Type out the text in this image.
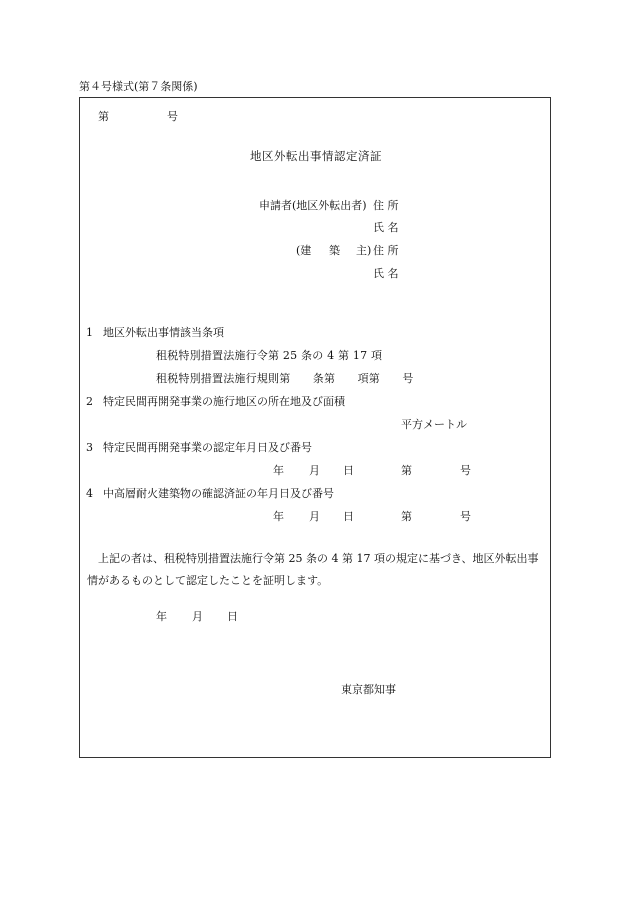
第４号様式(第７条関係)
第	号
地区外転出事情認定済証
申請者(地区外転出者) 住 所
氏 名
(建 築 主) 住 所
氏 名
1 地区外転出事情該当条項
租税特別措置法施行令第 25 条の 4 第 17 項
租税特別措置法施行規則第　　条第　　項第　　号
2 特定民間再開発事業の施行地区の所在地及び面積
平方メートル
3 特定民間再開発事業の認定年月日及び番号
年 月 日	第	号
4 中高層耐火建築物の確認済証の年月日及び番号
年 月 日	第	号
上記の者は、租税特別措置法施行令第 25 条の 4 第 17 項の規定に基づき、地区外転出事情があるものとして認定したことを証明します。
年 月 日
東京都知事
